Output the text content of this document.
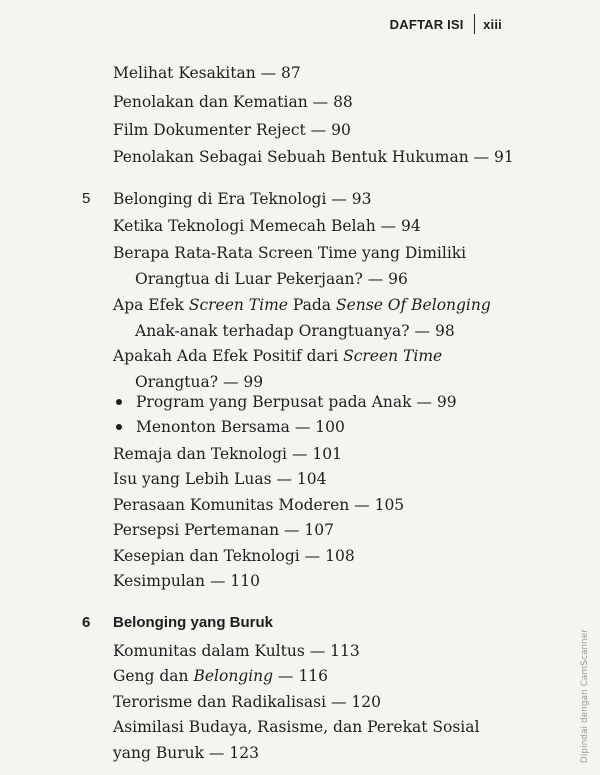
DAFTAR ISI xiii
Melihat Kesakitan — 87
Penolakan dan Kematian — 88
Film Dokumenter Reject — 90
Penolakan Sebagai Sebuah Bentuk Hukuman — 91
5 Belonging di Era Teknologi — 93
Ketika Teknologi Memecah Belah — 94
Berapa Rata-Rata Screen Time yang Dimiliki
Orangtua di Luar Pekerjaan? — 96
Apa Efek Screen Time Pada Sense Of Belonging
Anak-anak terhadap Orangtuanya? — 98
Apakah Ada Efek Positif dari Screen Time
Orangtua? — 99
Program yang Berpusat pada Anak — 99
Menonton Bersama — 100
Remaja dan Teknologi — 101
Isu yang Lebih Luas — 104
Perasaan Komunitas Moderen — 105
Persepsi Pertemanan — 107
Kesepian dan Teknologi — 108
Kesimpulan — 110
6 Belonging yang Buruk
Komunitas dalam Kultus — 113
Geng dan Belonging — 116
Terorisme dan Radikalisasi — 120
Asimilasi Budaya, Rasisme, dan Perekat Sosial
yang Buruk — 123	Dipindai dengan CamScanner
